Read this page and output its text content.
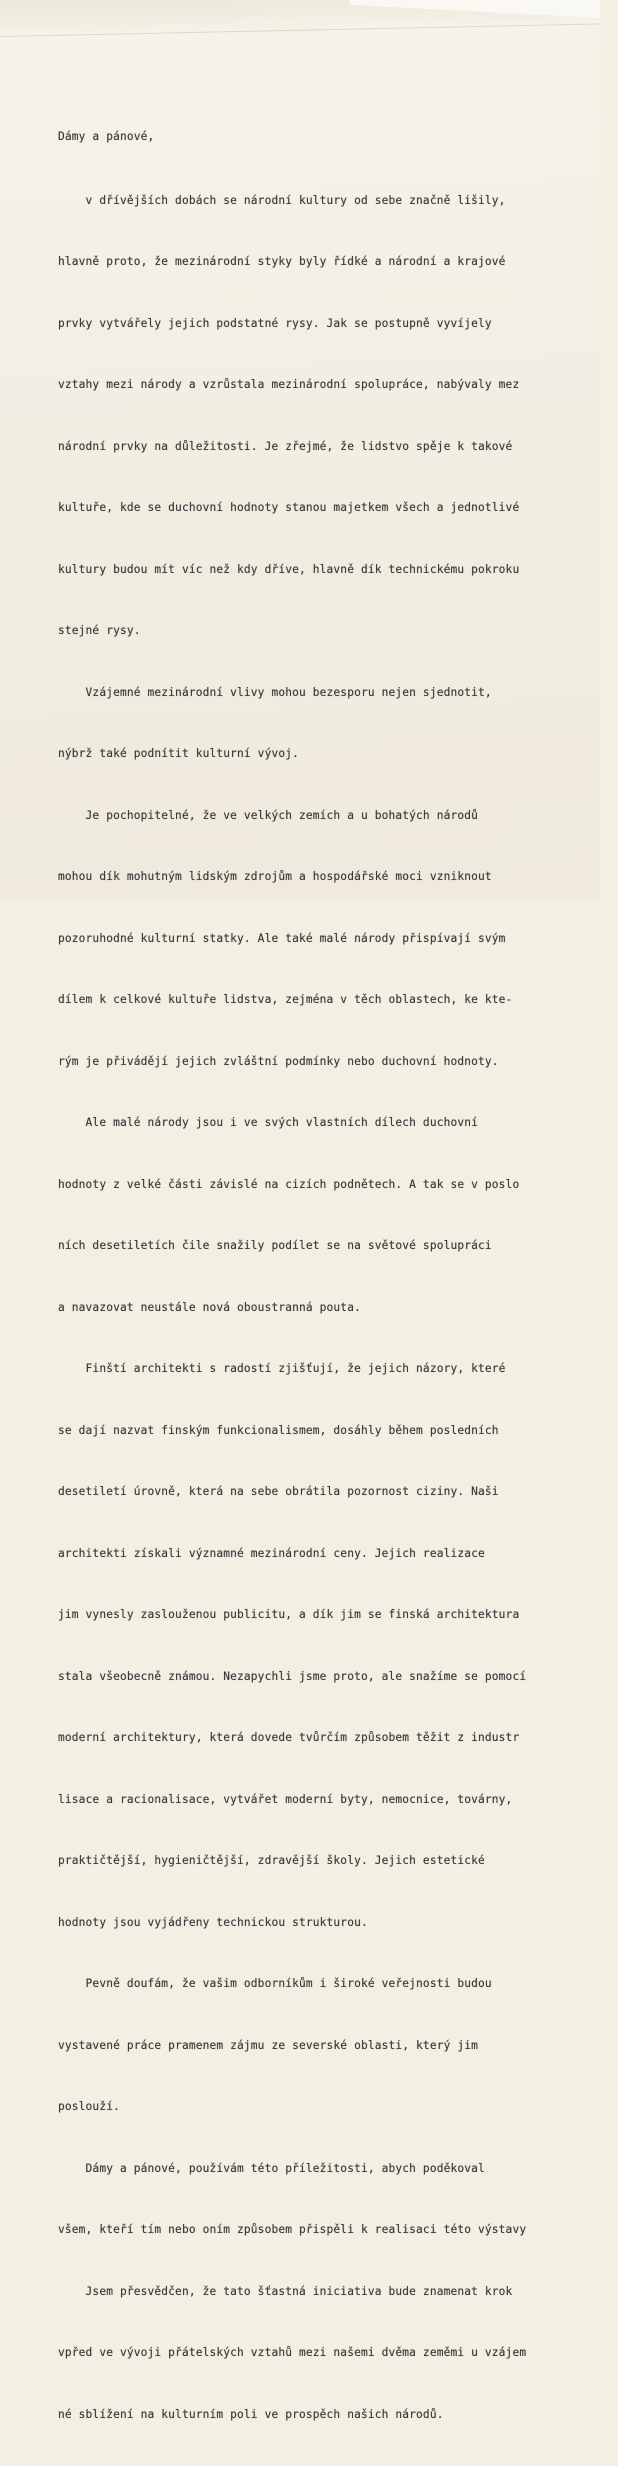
Dámy a pánové,

v dřívějších dobách se národní kultury od sebe značně lišily,

hlavně proto, že mezinárodní styky byly řídké a národní a krajové

prvky vytvářely jejich podstatné rysy. Jak se postupně vyvíjely

vztahy mezi národy a vzrůstala mezinárodní spolupráce, nabývaly mez

národní prvky na důležitosti. Je zřejmé, že lidstvo spěje k takové

kultuře, kde se duchovní hodnoty stanou majetkem všech a jednotlivé

kultury budou mít víc než kdy dříve, hlavně dík technickému pokroku

stejné rysy.

Vzájemné mezinárodní vlivy mohou bezesporu nejen sjednotit,

nýbrž také podnítit kulturní vývoj.

Je pochopitelné, že ve velkých zemích a u bohatých národů

mohou dík mohutným lidským zdrojům a hospodářské moci vzniknout

pozoruhodné kulturní statky. Ale také malé národy přispívají svým

dílem k celkové kultuře lidstva, zejména v těch oblastech, ke kte-

rým je přivádějí jejich zvláštní podmínky nebo duchovní hodnoty.

Ale malé národy jsou i ve svých vlastních dílech duchovní

hodnoty z velké části závislé na cizích podnětech. A tak se v poslo

ních desetiletích čile snažily podílet se na světové spolupráci

a navazovat neustále nová oboustranná pouta.

Finští architekti s radostí zjišťují, že jejich názory, které

se dají nazvat finským funkcionalismem, dosáhly během posledních

desetiletí úrovně, která na sebe obrátila pozornost ciziny. Naši

architekti získali významné mezinárodní ceny. Jejich realizace

jim vynesly zaslouženou publicitu, a dík jim se finská architektura

stala všeobecně známou. Nezapychli jsme proto, ale snažíme se pomocí

moderní architektury, která dovede tvůrčím způsobem těžit z industr

lisace a racionalisace, vytvářet moderní byty, nemocnice, továrny,

praktičtější, hygieničtější, zdravější školy. Jejich estetické

hodnoty jsou vyjádřeny technickou strukturou.

Pevně doufám, že vašim odborníkům i široké veřejnosti budou

vystavené práce pramenem zájmu ze severské oblasti, který jim

poslouží.

Dámy a pánové, používám této příležitosti, abych poděkoval

všem, kteří tím nebo oním způsobem přispěli k realisaci této výstavy

Jsem přesvědčen, že tato šťastná iniciativa bude znamenat krok

vpřed ve vývoji přátelských vztahů mezi našemi dvěma zeměmi u vzájem

né sblížení na kulturním poli ve prospěch našich národů.
